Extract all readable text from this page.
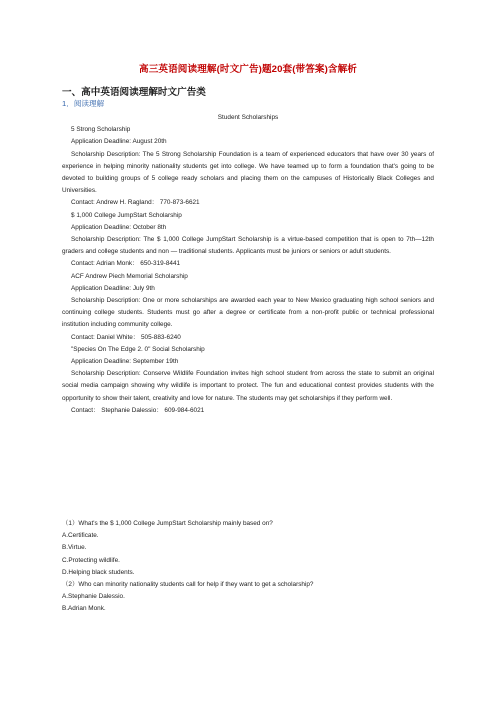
高三英语阅读理解(时文广告)题20套(带答案)含解析
一、高中英语阅读理解时文广告类
1．阅读理解

Student Scholarships

5 Strong Scholarship

Application Deadline: August 20th

Scholarship Description: The 5 Strong Scholarship Foundation is a team of experienced educators that have over 30 years of experience in helping minority nationality students get into college. We have teamed up to form a foundation that's going to be devoted to building groups of 5 college ready scholars and placing them on the campuses of Historically Black Colleges and Universities.

Contact: Andrew H. Ragland： 770-873-6621

$ 1,000 College JumpStart Scholarship

Application Deadline: October 8th

Scholarship Description: The $ 1,000 College JumpStart Scholarship is a virtue-based competition that is open to 7th—12th graders and college students and non — traditional students. Applicants must be juniors or seniors or adult students.

Contact: Adrian Monk： 650-319-8441

ACF Andrew Piech Memorial Scholarship

Application Deadline: July 9th

Scholarship Description: One or more scholarships are awarded each year to New Mexico graduating high school seniors and continuing college students. Students must go after a degree or certificate from a non-profit public or technical professional institution including community college.

Contact: Daniel White： 505-883-6240

"Species On The Edge 2. 0" Social Scholarship

Application Deadline: September 19th

Scholarship Description: Conserve Wildlife Foundation invites high school student from across the state to submit an original social media campaign showing why wildlife is important to protect. The fun and educational contest provides students with the opportunity to show their talent, creativity and love for nature. The students may get scholarships if they perform well.

Contact： Stephanie Dalessio： 609-984-6021

（1）What's the $ 1,000 College JumpStart Scholarship mainly based on?

A.Certificate.

B.Virtue.

C.Protecting wildlife.

D.Helping black students.

（2）Who can minority nationality students call for help if they want to get a scholarship?

A.Stephanie Dalessio.

B.Adrian Monk.
